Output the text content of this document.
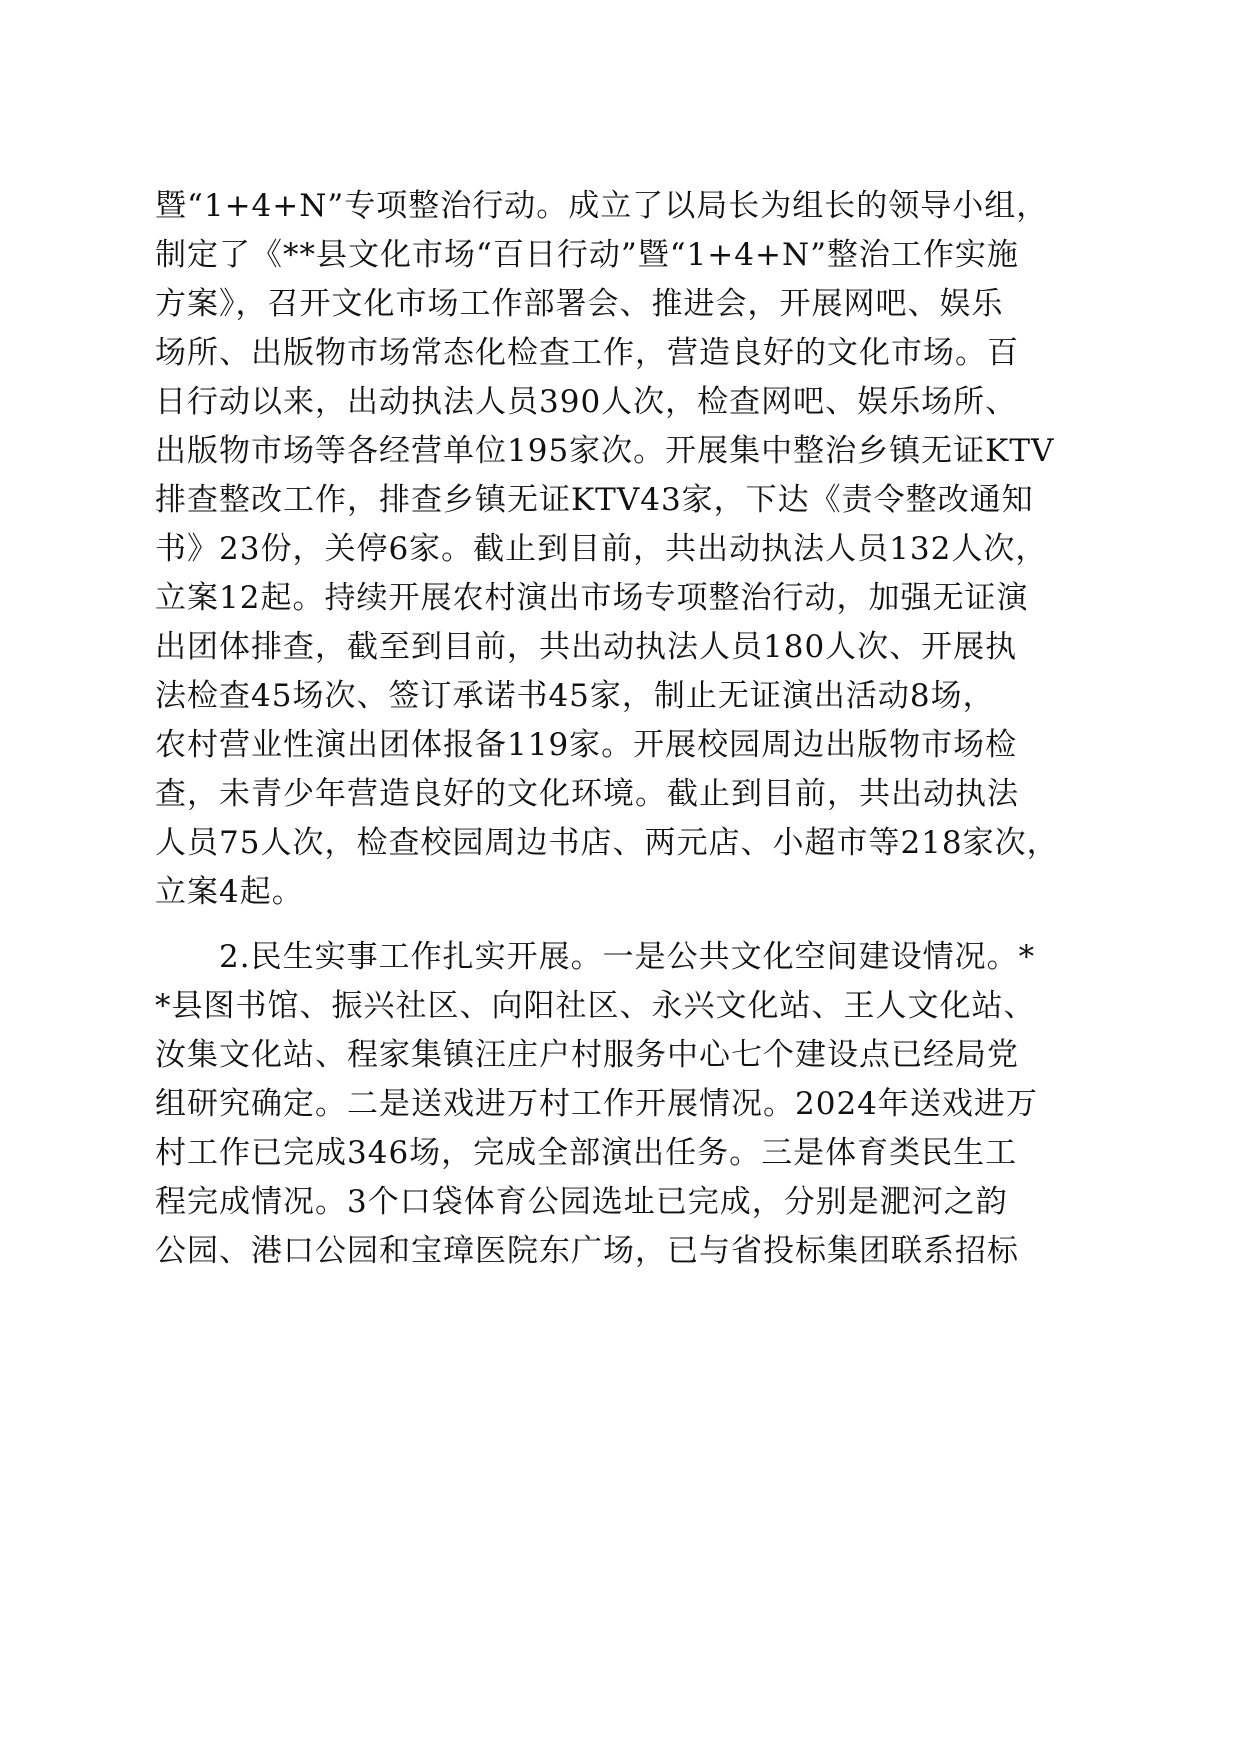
暨“1+4+N”专项整治行动。成立了以局长为组长的领导小组，
制定了《**县文化市场“百日行动”暨“1+4+N”整治工作实施
方案》，召开文化市场工作部署会、推进会，开展网吧、娱乐
场所、出版物市场常态化检查工作，营造良好的文化市场。百
日行动以来，出动执法人员390人次，检查网吧、娱乐场所、
出版物市场等各经营单位195家次。开展集中整治乡镇无证KTV
排查整改工作，排查乡镇无证KTV43家，下达《责令整改通知
书》23份，关停6家。截止到目前，共出动执法人员132人次，
立案12起。持续开展农村演出市场专项整治行动，加强无证演
出团体排查，截至到目前，共出动执法人员180人次、开展执
法检查45场次、签订承诺书45家，制止无证演出活动8场，
农村营业性演出团体报备119家。开展校园周边出版物市场检
查，未青少年营造良好的文化环境。截止到目前，共出动执法
人员75人次，检查校园周边书店、两元店、小超市等218家次，
立案4起。
2.民生实事工作扎实开展。一是公共文化空间建设情况。*
*县图书馆、振兴社区、向阳社区、永兴文化站、王人文化站、
汝集文化站、程家集镇汪庄户村服务中心七个建设点已经局党
组研究确定。二是送戏进万村工作开展情况。2024年送戏进万
村工作已完成346场，完成全部演出任务。三是体育类民生工
程完成情况。3个口袋体育公园选址已完成，分别是淝河之韵
公园、港口公园和宝璋医院东广场，已与省投标集团联系招标
